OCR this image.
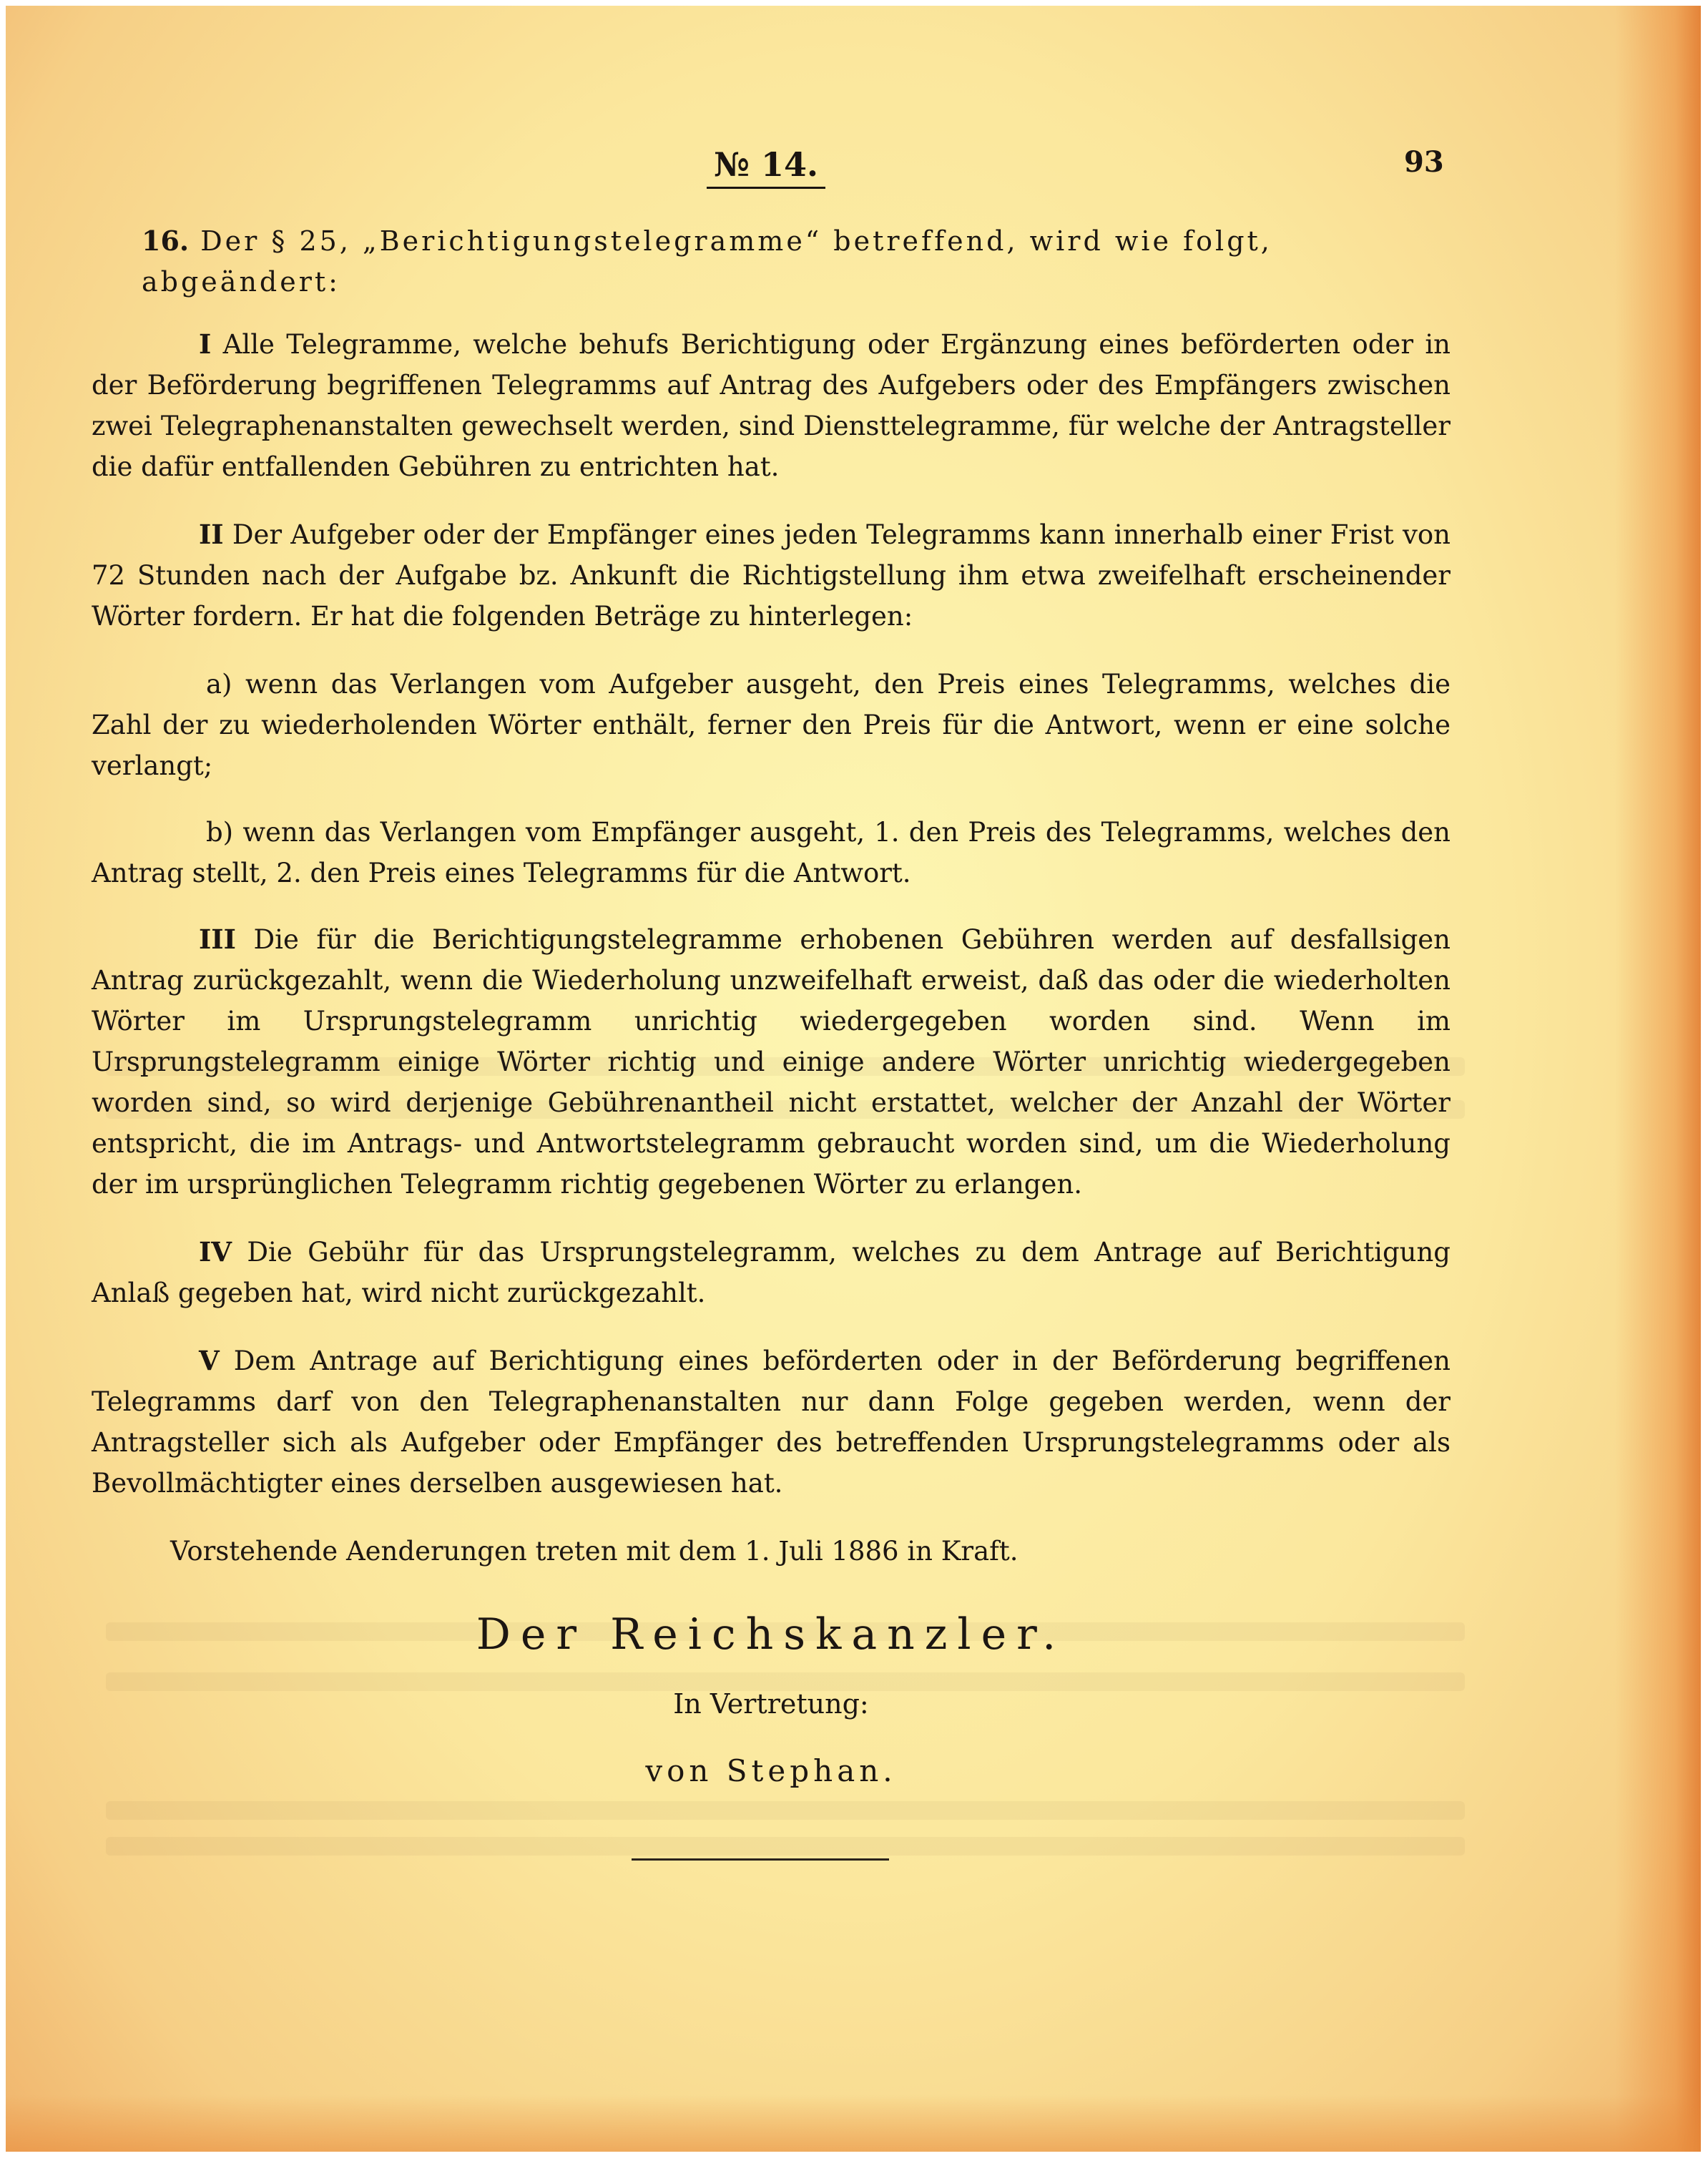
№ 14.	93
16. Der § 25, „Berichtigungstelegramme“ betreffend, wird wie folgt, abgeändert:

I Alle Telegramme, welche behufs Berichtigung oder Ergänzung eines beförderten oder in der Beförderung begriffenen Telegramms auf Antrag des Aufgebers oder des Empfängers zwischen zwei Telegraphenanstalten gewechselt werden, sind Diensttelegramme, für welche der Antragsteller die dafür entfallenden Gebühren zu entrichten hat.

II Der Aufgeber oder der Empfänger eines jeden Telegramms kann innerhalb einer Frist von 72 Stunden nach der Aufgabe bz. Ankunft die Richtigstellung ihm etwa zweifelhaft erscheinender Wörter fordern. Er hat die folgenden Beträge zu hinterlegen:

a) wenn das Verlangen vom Aufgeber ausgeht, den Preis eines Telegramms, welches die Zahl der zu wiederholenden Wörter enthält, ferner den Preis für die Antwort, wenn er eine solche verlangt;

b) wenn das Verlangen vom Empfänger ausgeht, 1. den Preis des Telegramms, welches den Antrag stellt, 2. den Preis eines Telegramms für die Antwort.

III Die für die Berichtigungstelegramme erhobenen Gebühren werden auf desfallsigen Antrag zurückgezahlt, wenn die Wiederholung unzweifelhaft erweist, daß das oder die wiederholten Wörter im Ursprungstelegramm unrichtig wiedergegeben worden sind. Wenn im Ursprungstelegramm einige Wörter richtig und einige andere Wörter unrichtig wiedergegeben worden sind, so wird derjenige Gebührenantheil nicht erstattet, welcher der Anzahl der Wörter entspricht, die im Antrags- und Antwortstelegramm gebraucht worden sind, um die Wiederholung der im ursprünglichen Telegramm richtig gegebenen Wörter zu erlangen.

IV Die Gebühr für das Ursprungstelegramm, welches zu dem Antrage auf Berichtigung Anlaß gegeben hat, wird nicht zurückgezahlt.

V Dem Antrage auf Berichtigung eines beförderten oder in der Beförderung begriffenen Telegramms darf von den Telegraphenanstalten nur dann Folge gegeben werden, wenn der Antragsteller sich als Aufgeber oder Empfänger des betreffenden Ursprungstelegramms oder als Bevollmächtigter eines derselben ausgewiesen hat.

Vorstehende Aenderungen treten mit dem 1. Juli 1886 in Kraft.

Der Reichskanzler.
In Vertretung:
von Stephan.
